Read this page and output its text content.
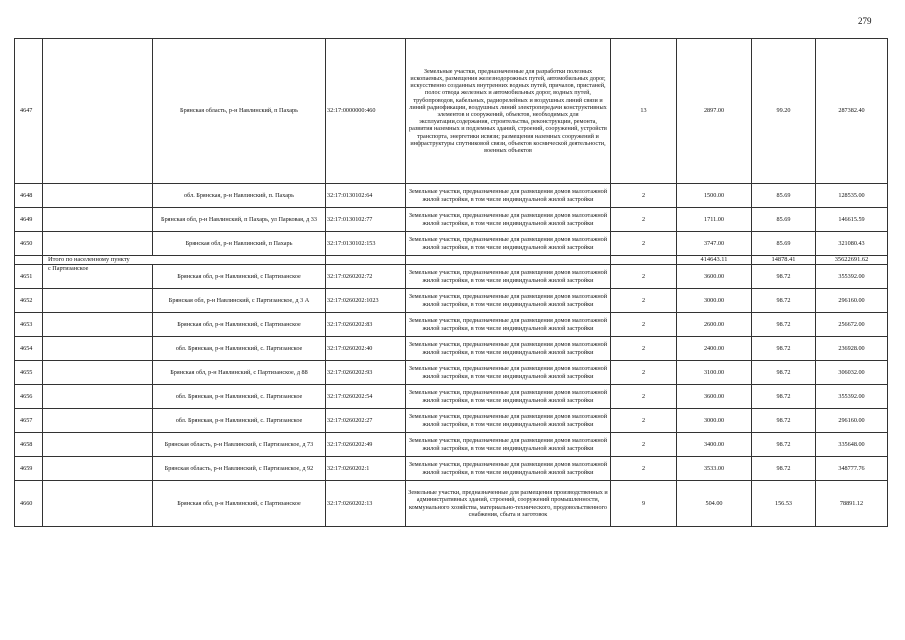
279
4647		Брянская область, р-н Навлинский, п Пахарь	32:17:0000000:460	Земельные участки, предназначенные для разработки полезных ископаемых, размещения железнодорожных путей, автомобильных дорог, искусственно созданных внутренних водных путей, причалов, пристаней, полос отвода железных и автомобильных дорог, водных путей, трубопроводов, кабельных, радиорелейных и воздушных линий связи и линий радиофикации, воздушных линий электропередачи конструктивных элементов и сооружений, объектов, необходимых для эксплуатации,содержания, строительства, реконструкции, ремонта, развития наземных и подземных зданий, строений, сооружений, устройств транспорта, энергетики исвязи; размещения наземных сооружений и инфраструктуры спутниковой связи, объектов космической деятельности, военных объектов	13	2897.00	99.20	287382.40
4648		обл. Брянская, р-н Навлинский, п. Пахарь	32:17:0130102:64	Земельные участки, предназначенные для размещения домов малоэтажной жилой застройки, в том числе индивидуальной жилой застройки	2	1500.00	85.69	128535.00
4649		Брянская обл, р-н Навлинский, п Пахарь, ул Парковая, д 33	32:17:0130102:77	Земельные участки, предназначенные для размещения домов малоэтажной жилой застройки, в том числе индивидуальной жилой застройки	2	1711.00	85.69	146615.59
4650		Брянская обл, р-н Навлинский, п Пахарь	32:17:0130102:153	Земельные участки, предназначенные для размещения домов малоэтажной жилой застройки, в том числе индивидуальной жилой застройки	2	3747.00	85.69	321080.43
	Итого по населенному пункту					414643.11	14878.41	35622691.62
4651	с Партизанское	Брянская обл, р-н Навлинский, с Партизанское	32:17:0260202:72	Земельные участки, предназначенные для размещения домов малоэтажной жилой застройки, в том числе индивидуальной жилой застройки	2	3600.00	98.72	355392.00
4652		Брянская обл, р-н Навлинский, с Партизанское, д 3 А	32:17:0260202:1023	Земельные участки, предназначенные для размещения домов малоэтажной жилой застройки, в том числе индивидуальной жилой застройки	2	3000.00	98.72	296160.00
4653		Брянская обл, р-н Навлинский, с Партизанское	32:17:0260202:83	Земельные участки, предназначенные для размещения домов малоэтажной жилой застройки, в том числе индивидуальной жилой застройки	2	2600.00	98.72	256672.00
4654		обл. Брянская, р-н Навлинский, с. Партизанское	32:17:0260202:40	Земельные участки, предназначенные для размещения домов малоэтажной жилой застройки, в том числе индивидуальной жилой застройки	2	2400.00	98.72	236928.00
4655		Брянская обл, р-н Навлинский, с Партизанское, д 88	32:17:0260202:93	Земельные участки, предназначенные для размещения домов малоэтажной жилой застройки, в том числе индивидуальной жилой застройки	2	3100.00	98.72	306032.00
4656		обл. Брянская, р-н Навлинский, с. Партизанское	32:17:0260202:54	Земельные участки, предназначенные для размещения домов малоэтажной жилой застройки, в том числе индивидуальной жилой застройки	2	3600.00	98.72	355392.00
4657		обл. Брянская, р-н Навлинский, с. Партизанское	32:17:0260202:27	Земельные участки, предназначенные для размещения домов малоэтажной жилой застройки, в том числе индивидуальной жилой застройки	2	3000.00	98.72	296160.00
4658		Брянская область, р-н Навлинский, с Партизанское, д 73	32:17:0260202:49	Земельные участки, предназначенные для размещения домов малоэтажной жилой застройки, в том числе индивидуальной жилой застройки	2	3400.00	98.72	335648.00
4659		Брянская область, р-н Навлинский, с Партизанское, д 92	32:17:0260202:1	Земельные участки, предназначенные для размещения домов малоэтажной жилой застройки, в том числе индивидуальной жилой застройки	2	3533.00	98.72	348777.76
4660		Брянская обл, р-н Навлинский, с Партизанское	32:17:0260202:13	Земельные участки, предназначенные для размещения производственных и административных зданий, строений, сооружений промышленности, коммунального хозяйства, материально-технического, продовольственного снабжения, сбыта и заготовок	9	504.00	156.53	78891.12
